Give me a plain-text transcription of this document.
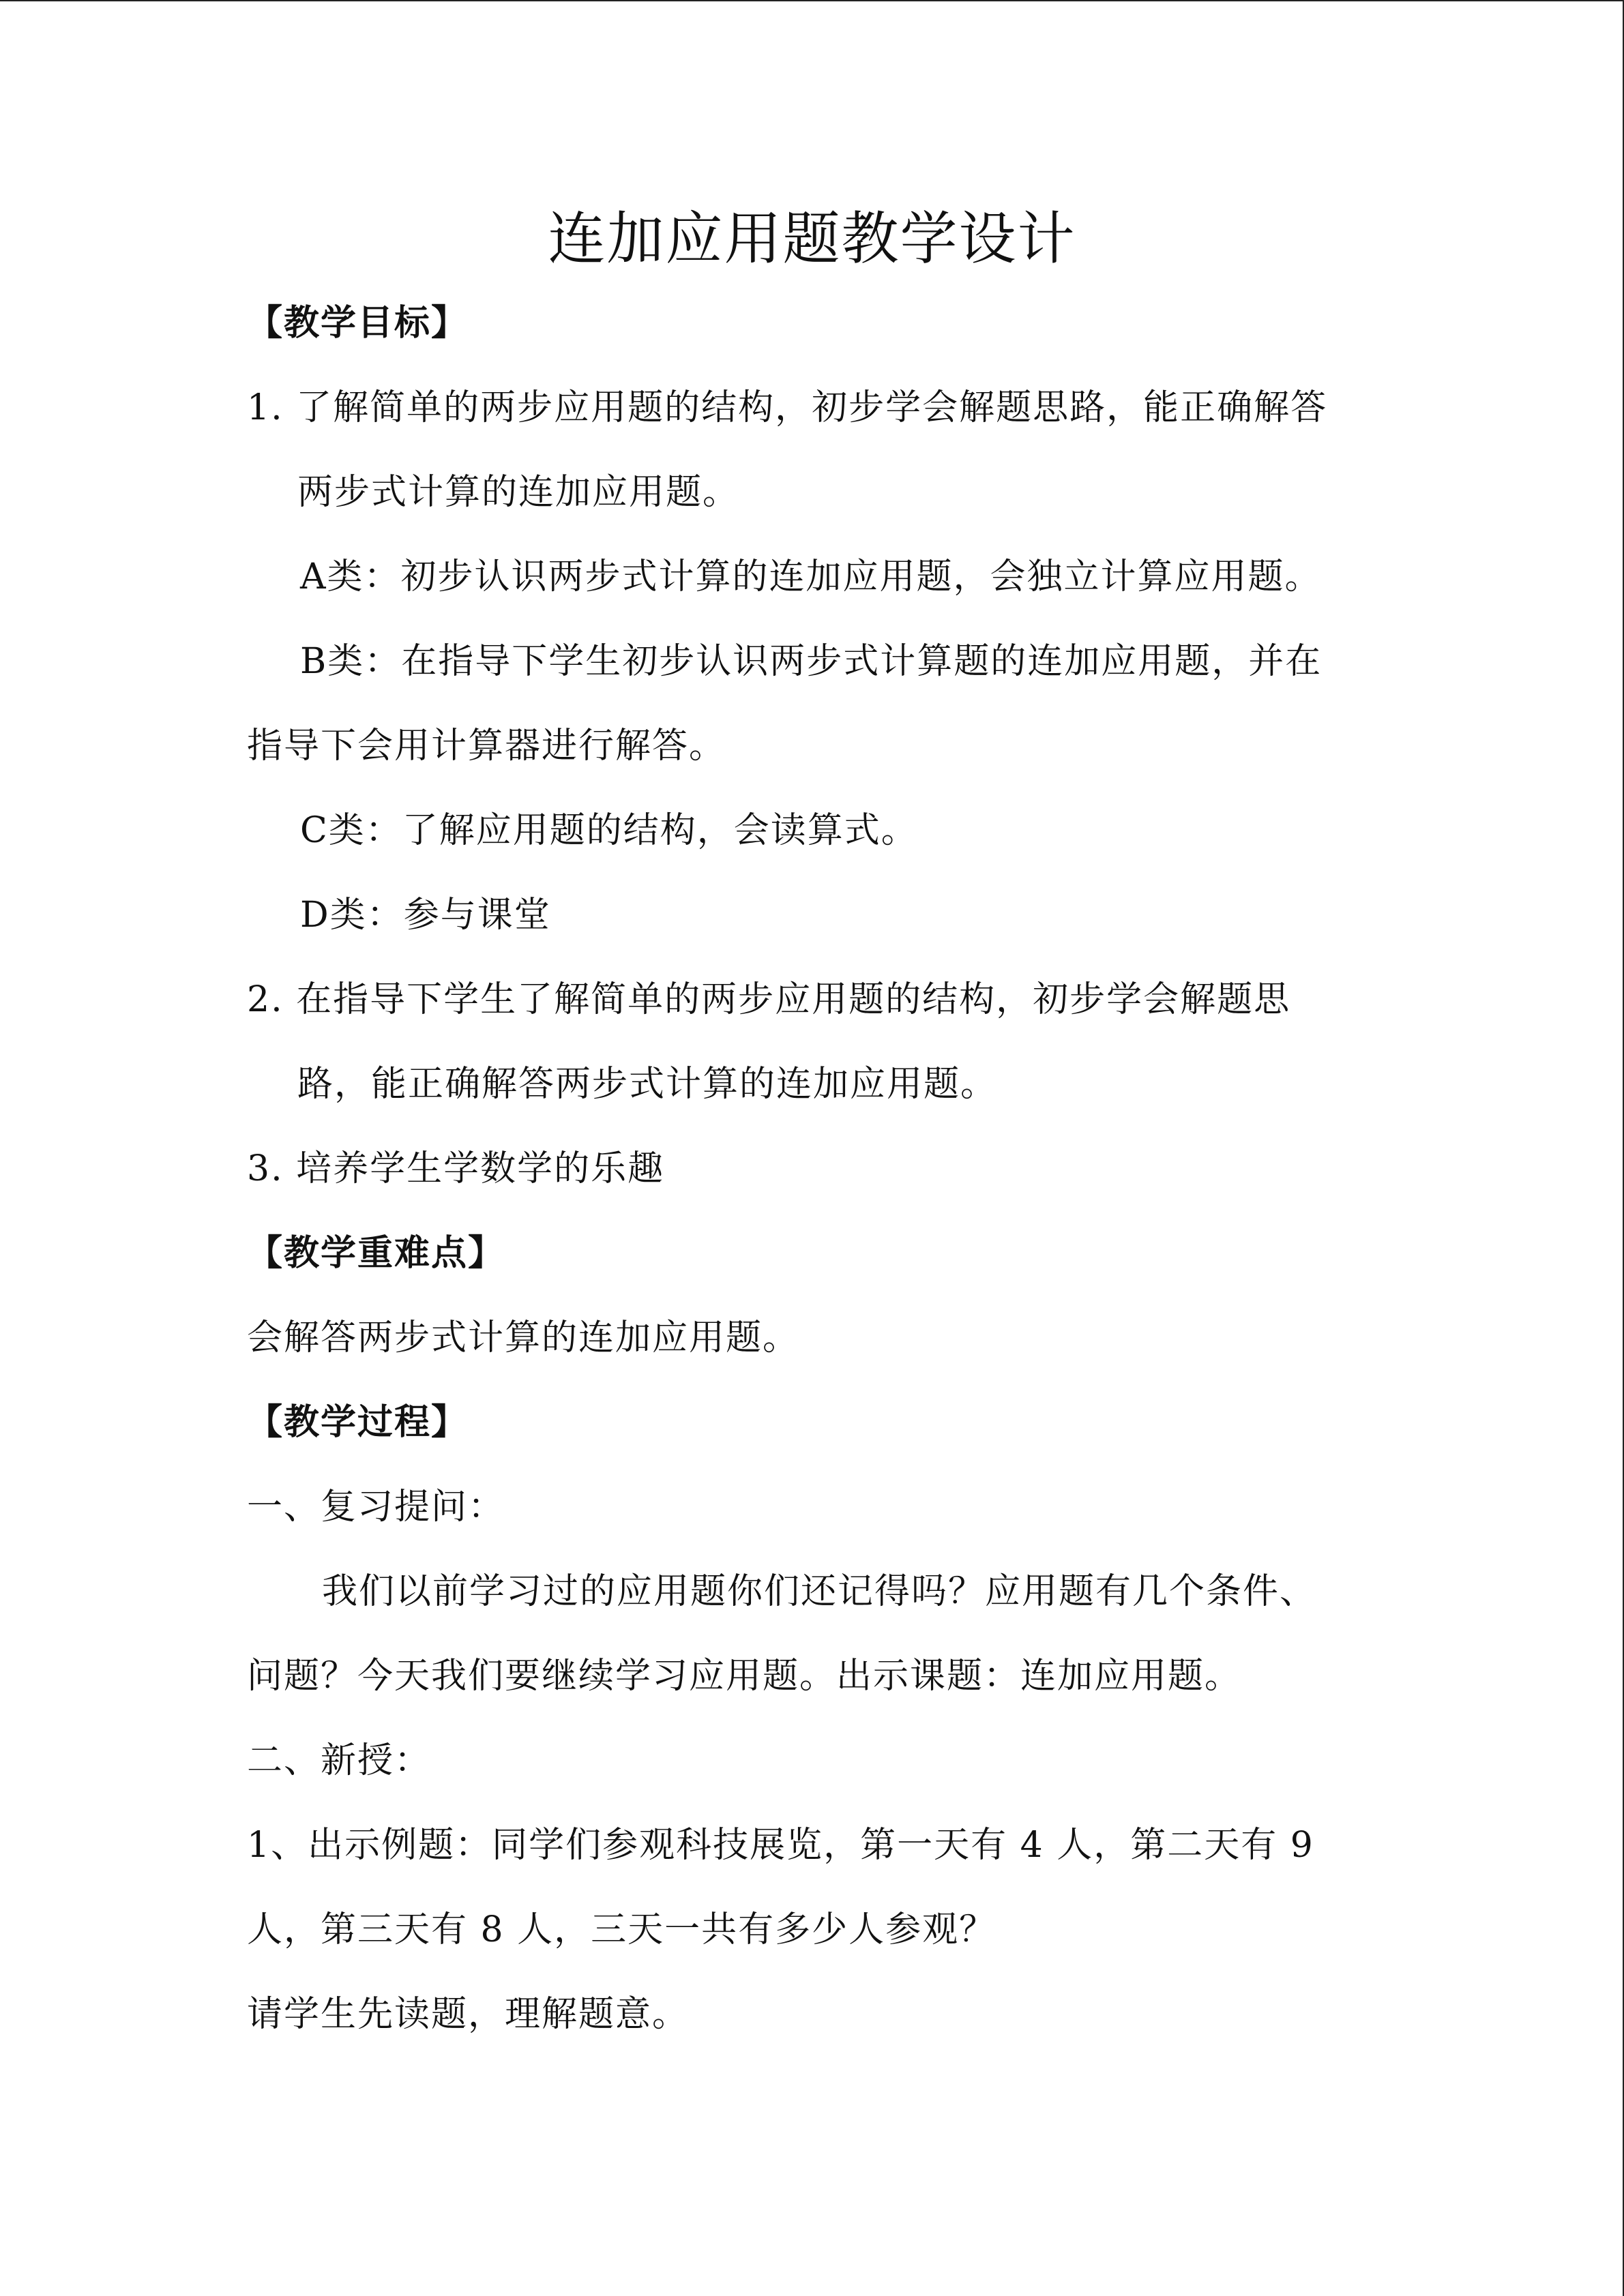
连加应用题教学设计
【教学目标】
1. 了解简单的两步应用题的结构，初步学会解题思路，能正确解答
两步式计算的连加应用题。
A类：初步认识两步式计算的连加应用题，会独立计算应用题。
B类：在指导下学生初步认识两步式计算题的连加应用题，并在
指导下会用计算器进行解答。
C类：了解应用题的结构，会读算式。
D类：参与课堂
2. 在指导下学生了解简单的两步应用题的结构，初步学会解题思
路，能正确解答两步式计算的连加应用题。
3. 培养学生学数学的乐趣
【教学重难点】
会解答两步式计算的连加应用题。
【教学过程】
一、复习提问：
我们以前学习过的应用题你们还记得吗？应用题有几个条件、
问题？今天我们要继续学习应用题。出示课题：连加应用题。
二、新授：
1、出示例题：同学们参观科技展览，第一天有 4 人，第二天有 9
人，第三天有 8 人，三天一共有多少人参观？
请学生先读题，理解题意。
